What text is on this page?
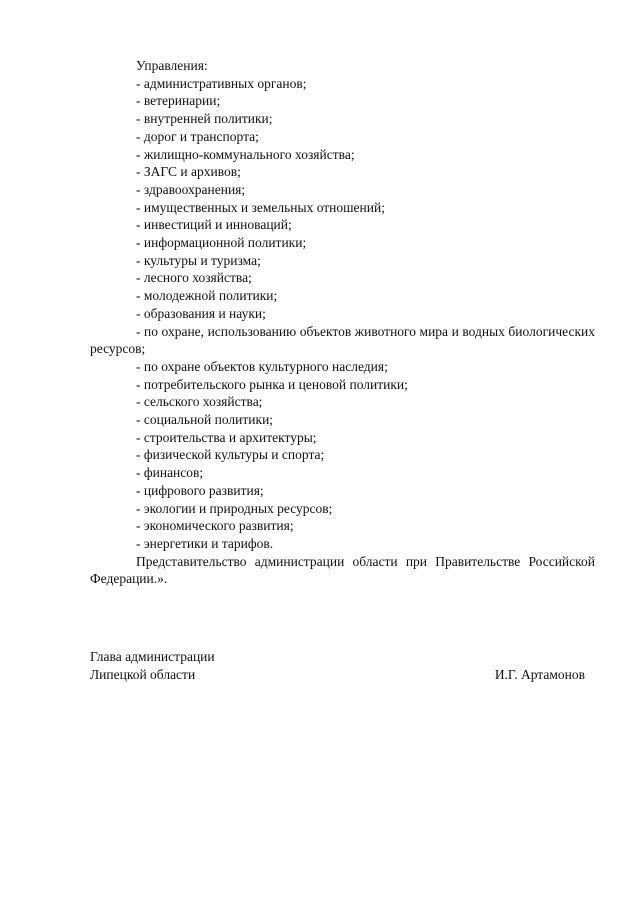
Управления:
- административных органов;
- ветеринарии;
- внутренней политики;
- дорог и транспорта;
- жилищно-коммунального хозяйства;
- ЗАГС и архивов;
- здравоохранения;
- имущественных и земельных отношений;
- инвестиций и инноваций;
- информационной политики;
- культуры и туризма;
- лесного хозяйства;
- молодежной политики;
- образования и науки;
- по охране, использованию объектов животного мира и водных биологических ресурсов;
- по охране объектов культурного наследия;
- потребительского рынка и ценовой политики;
- сельского хозяйства;
- социальной политики;
- строительства и архитектуры;
- физической культуры и спорта;
- финансов;
- цифрового развития;
- экологии и природных ресурсов;
- экономического развития;
- энергетики и тарифов.
Представительство администрации области при Правительстве Российской Федерации.».
Глава администрации
Липецкой области	И.Г. Артамонов
